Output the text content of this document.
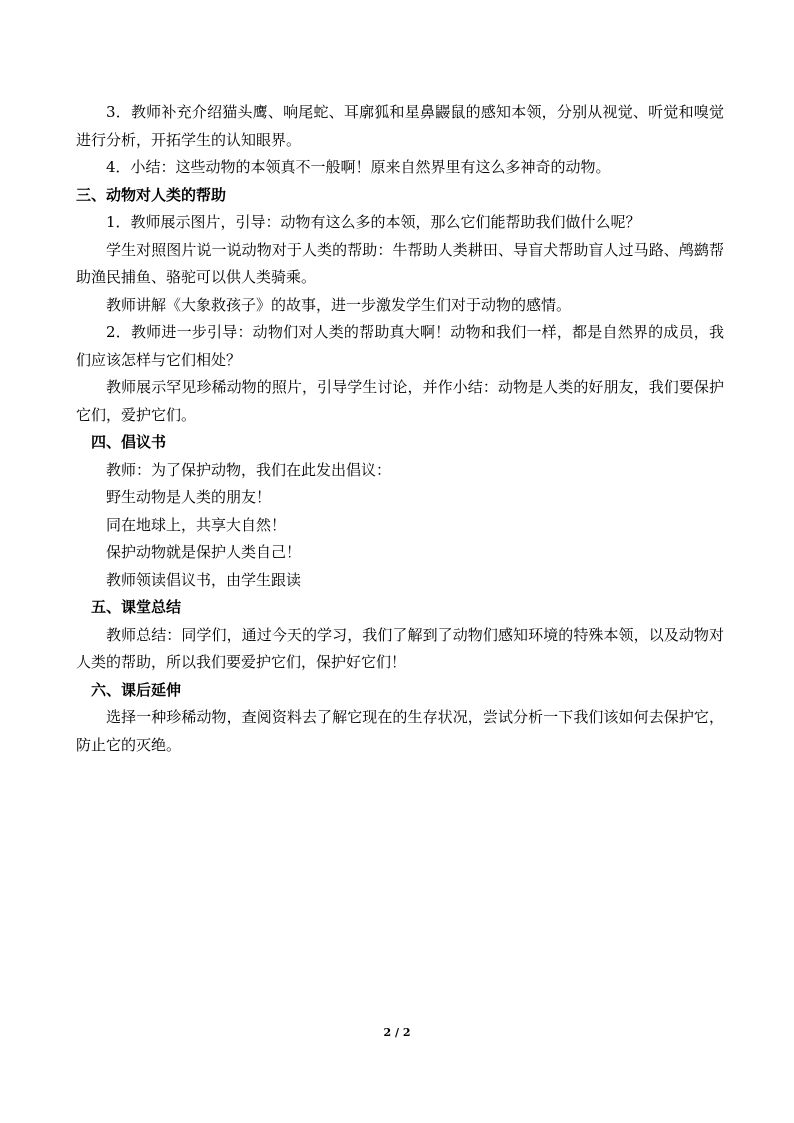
3．教师补充介绍猫头鹰、响尾蛇、耳廓狐和星鼻鼹鼠的感知本领，分别从视觉、听觉和嗅觉进行分析，开拓学生的认知眼界。

4．小结：这些动物的本领真不一般啊！原来自然界里有这么多神奇的动物。

三、动物对人类的帮助

1．教师展示图片，引导：动物有这么多的本领，那么它们能帮助我们做什么呢？

学生对照图片说一说动物对于人类的帮助：牛帮助人类耕田、导盲犬帮助盲人过马路、鸬鹚帮助渔民捕鱼、骆驼可以供人类骑乘。

教师讲解《大象救孩子》的故事，进一步激发学生们对于动物的感情。

2．教师进一步引导：动物们对人类的帮助真大啊！动物和我们一样，都是自然界的成员，我们应该怎样与它们相处？

教师展示罕见珍稀动物的照片，引导学生讨论，并作小结：动物是人类的好朋友，我们要保护它们，爱护它们。

四、倡议书

教师：为了保护动物，我们在此发出倡议：

野生动物是人类的朋友！

同在地球上，共享大自然！

保护动物就是保护人类自己！

教师领读倡议书，由学生跟读

五、课堂总结

教师总结：同学们，通过今天的学习，我们了解到了动物们感知环境的特殊本领，以及动物对人类的帮助，所以我们要爱护它们，保护好它们！

六、课后延伸

选择一种珍稀动物，查阅资料去了解它现在的生存状况，尝试分析一下我们该如何去保护它，防止它的灭绝。

2 / 2
